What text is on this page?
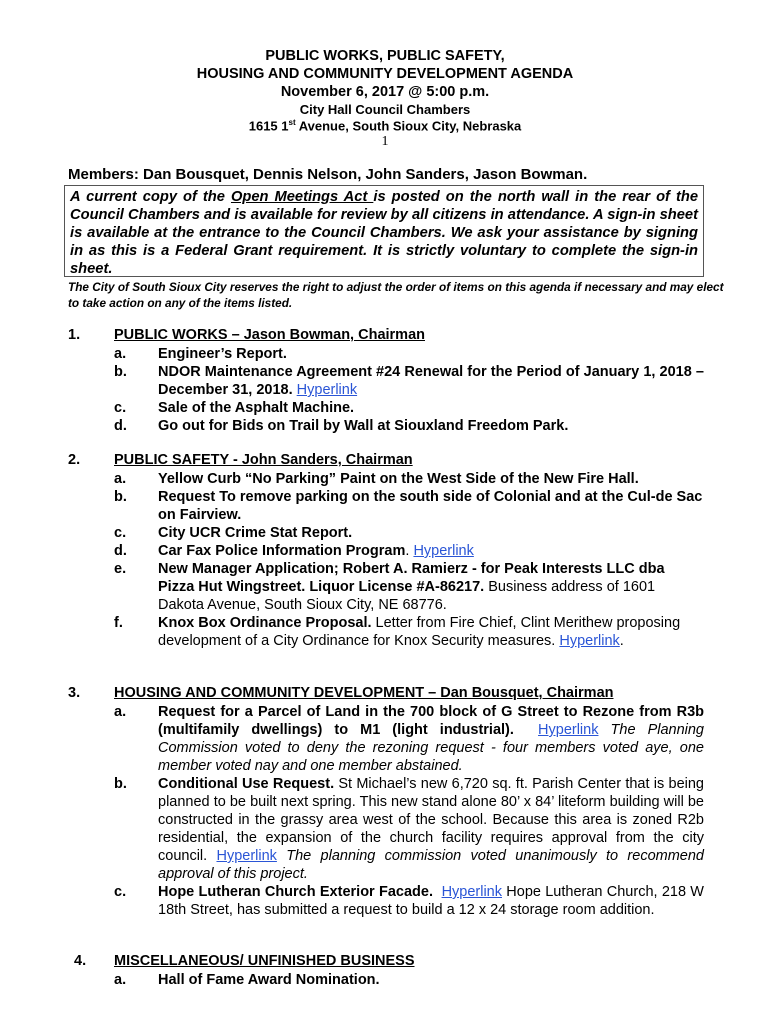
PUBLIC WORKS, PUBLIC SAFETY,
HOUSING AND COMMUNITY DEVELOPMENT AGENDA
November 6, 2017 @ 5:00 p.m.
City Hall Council Chambers
1615 1st Avenue, South Sioux City, Nebraska
1
Members: Dan Bousquet, Dennis Nelson, John Sanders, Jason Bowman.
A current copy of the Open Meetings Act is posted on the north wall in the rear of the Council Chambers and is available for review by all citizens in attendance. A sign-in sheet is available at the entrance to the Council Chambers. We ask your assistance by signing in as this is a Federal Grant requirement. It is strictly voluntary to complete the sign-in sheet.
The City of South Sioux City reserves the right to adjust the order of items on this agenda if necessary and may elect to take action on any of the items listed.
1. PUBLIC WORKS – Jason Bowman, Chairman
a. Engineer’s Report.
b. NDOR Maintenance Agreement #24 Renewal for the Period of January 1, 2018 – December 31, 2018. Hyperlink
c. Sale of the Asphalt Machine.
d. Go out for Bids on Trail by Wall at Siouxland Freedom Park.
2. PUBLIC SAFETY - John Sanders, Chairman
a. Yellow Curb “No Parking” Paint on the West Side of the New Fire Hall.
b. Request To remove parking on the south side of Colonial and at the Cul-de Sac on Fairview.
c. City UCR Crime Stat Report.
d. Car Fax Police Information Program. Hyperlink
e. New Manager Application; Robert A. Ramierz - for Peak Interests LLC dba Pizza Hut Wingstreet. Liquor License #A-86217. Business address of 1601 Dakota Avenue, South Sioux City, NE 68776.
f. Knox Box Ordinance Proposal. Letter from Fire Chief, Clint Merithew proposing development of a City Ordinance for Knox Security measures. Hyperlink.
3. HOUSING AND COMMUNITY DEVELOPMENT – Dan Bousquet, Chairman
a. Request for a Parcel of Land in the 700 block of G Street to Rezone from R3b (multifamily dwellings) to M1 (light industrial). Hyperlink The Planning Commission voted to deny the rezoning request - four members voted aye, one member voted nay and one member abstained.
b. Conditional Use Request. St Michael’s new 6,720 sq. ft. Parish Center that is being planned to be built next spring. This new stand alone 80’ x 84’ liteform building will be constructed in the grassy area west of the school. Because this area is zoned R2b residential, the expansion of the church facility requires approval from the city council. Hyperlink The planning commission voted unanimously to recommend approval of this project.
c. Hope Lutheran Church Exterior Facade. Hyperlink Hope Lutheran Church, 218 W 18th Street, has submitted a request to build a 12 x 24 storage room addition.
4. MISCELLANEOUS/ UNFINISHED BUSINESS
a. Hall of Fame Award Nomination.
